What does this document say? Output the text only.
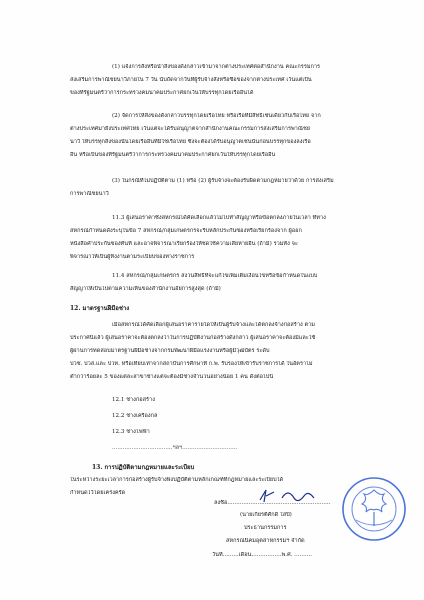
(1) แจ้งการสั่งหรือนำสิ่งของดังกล่าวเข้ามาจากต่างประเทศต่อสำนักงาน คณะกรรมการ
ส่งเสริมการพาณิชยนาวีภายใน 7 วัน นับถัดจากวันที่ผู้รับจ้างสั่งหรือซื้อของจากต่างประเทศ เว้นแต่เป็น
ของที่รัฐมนตรีว่าการกระทรวงคมนาคมประกาศยกเว้นให้บรรทุกโดยเรืออื่นได้
(2) จัดการให้สิ่งของดังกล่าวบรรทุกโดยเรือไทย หรือเรือที่มีสิทธิเช่นเดียวกับเรือไทย จาก
ต่างประเทศมายังประเทศไทย เว้นแต่จะได้รับอนุญาตจากสำนักงานคณะกรรมการส่งเสริมการพาณิชย
นาวี ให้บรรทุกสิ่งของนั้นโดยเรืออื่นที่มิใช่เรือไทย ซึ่งจะต้องได้รับอนุญาตเช่นนั้นก่อนบรรทุกของลงเรือ
อื่น หรือเป็นของที่รัฐมนตรีว่าการกระทรวงคมนาคมประกาศยกเว้นให้บรรทุกโดยเรืออื่น
(3) ในกรณีที่ไม่ปฏิบัติตาม (1) หรือ (2) ผู้รับจ้างจะต้องรับผิดตามกฎหมายว่าด้วย การส่งเสริม
การพาณิชยนาวี
11.3 ผู้เสนอราคาซึ่งสหกรณ์ได้คัดเลือกแล้วไม่ไปทำสัญญาหรือข้อตกลงภายในเวลา ที่ทาง
สหกรณ์กำหนดดังระบุในข้อ 7 สหกรณ์/กลุ่มเกษตรกรจะริบหลักประกันซองหรือเรียกร้องจาก ผู้ออก
หนังสือค้ำประกันซองทันที และอาจพิจารณาเรียกร้องให้ชดใช้ความเสียหายอื่น (ถ้ามี) รวมทั้ง จะ
พิจารณาให้เป็นผู้ทิ้งงานตามระเบียบของทางราชการ
11.4 สหกรณ์/กลุ่มเกษตรกร สงวนสิทธิ์ที่จะแก้ไขเพิ่มเติมเงื่อนไขหรือข้อกำหนดในแบบ
สัญญาให้เป็นไปตามความเห็นของสำนักงานอัยการสูงสุด (ถ้ามี)
12. มาตรฐานฝีมือช่าง
เมื่อสหกรณ์ได้คัดเลือกผู้เสนอราคารายใดให้เป็นผู้รับจ้างและได้ตกลงจ้างก่อสร้าง ตาม
ประกาศนี้แล้ว ผู้เสนอราคาจะต้องตกลงว่าในการปฏิบัติงานก่อสร้างดังกล่าว ผู้เสนอราคาจะต้องมีและใช้
ผู้ผ่านการทดสอบมาตรฐานฝีมือช่างจากกรมพัฒนาฝีมือแรงงานหรือผู้มีวุฒิบัตร ระดับ
ปวช. ปวส.และ ปวท. หรือเทียบเท่าจากสถาบันการศึกษาที่ ก.พ. รับรองให้เข้ารับราชการได้ ในอัตราไม่
ต่ำกว่าร้อยละ 5 ของแต่ละสาขาช่างแต่จะต้องมีช่างจำนวนอย่างน้อย 1 คน ดังต่อไปนี้
12.1 ช่างก่อสร้าง
12.2 ช่างเครื่องกล
12.3 ช่างไฟฟ้า
..................................ฯลฯ...............................
13. การปฏิบัติตามกฎหมายและระเบียบ
ในระหว่างระยะเวลาการก่อสร้างผู้รับจ้างพึงปฏิบัติตามหลักเกณฑ์ที่กฎหมายและระเบียบได้
กำหนดไว้โดยเคร่งครัด
ลงชื่อ..........................................................
(นายเกียรติศักดิ์ ใสปี)
ประธานกรรมการ
สหกรณ์นิคมอุตสาหกรรมฯ จำกัด
วันที่.........เดือน.................พ.ศ. ..........
